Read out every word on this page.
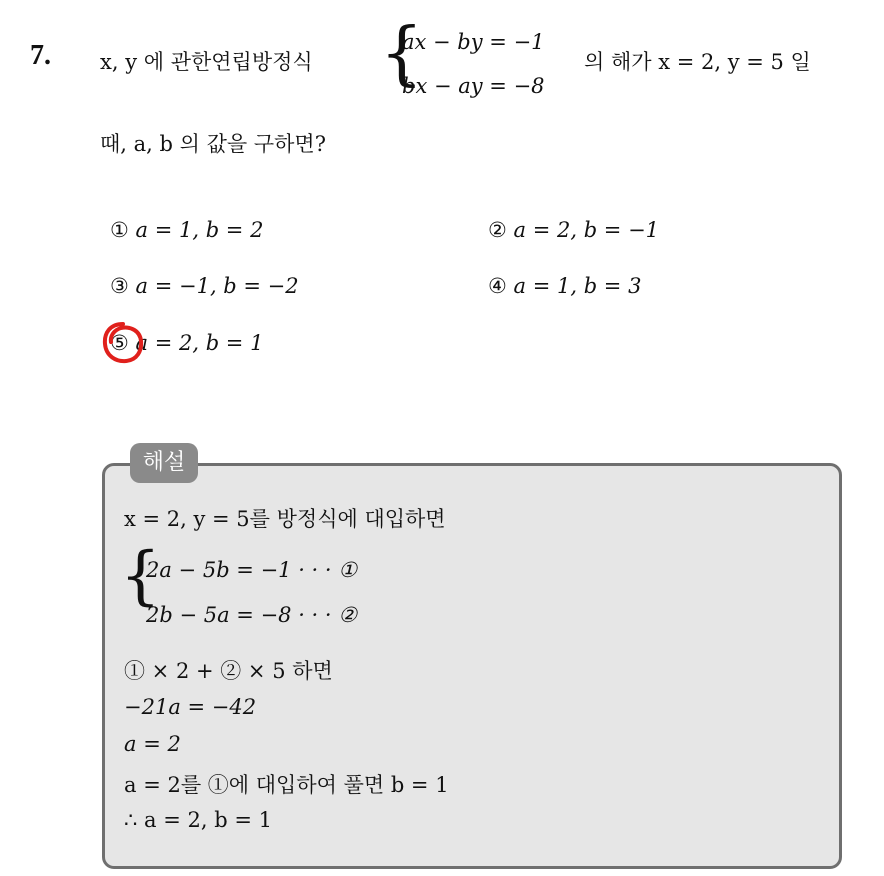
7. x, y 에 관한연립방정식 {
ax − by = −1
bx − ay = −8
의 해가 x = 2, y = 5 일
때, a, b 의 값을 구하면?
① a = 1, b = 2	② a = 2, b = −1
③ a = −1, b = −2	④ a = 1, b = 3
⑤ a = 2, b = 1
해설
x = 2, y = 5를 방정식에 대입하면
{
2a − 5b = −1 · · · ①
2b − 5a = −8 · · · ②
① × 2 + ② × 5 하면
−21a = −42
a = 2
a = 2를 ①에 대입하여 풀면 b = 1
∴ a = 2, b = 1
